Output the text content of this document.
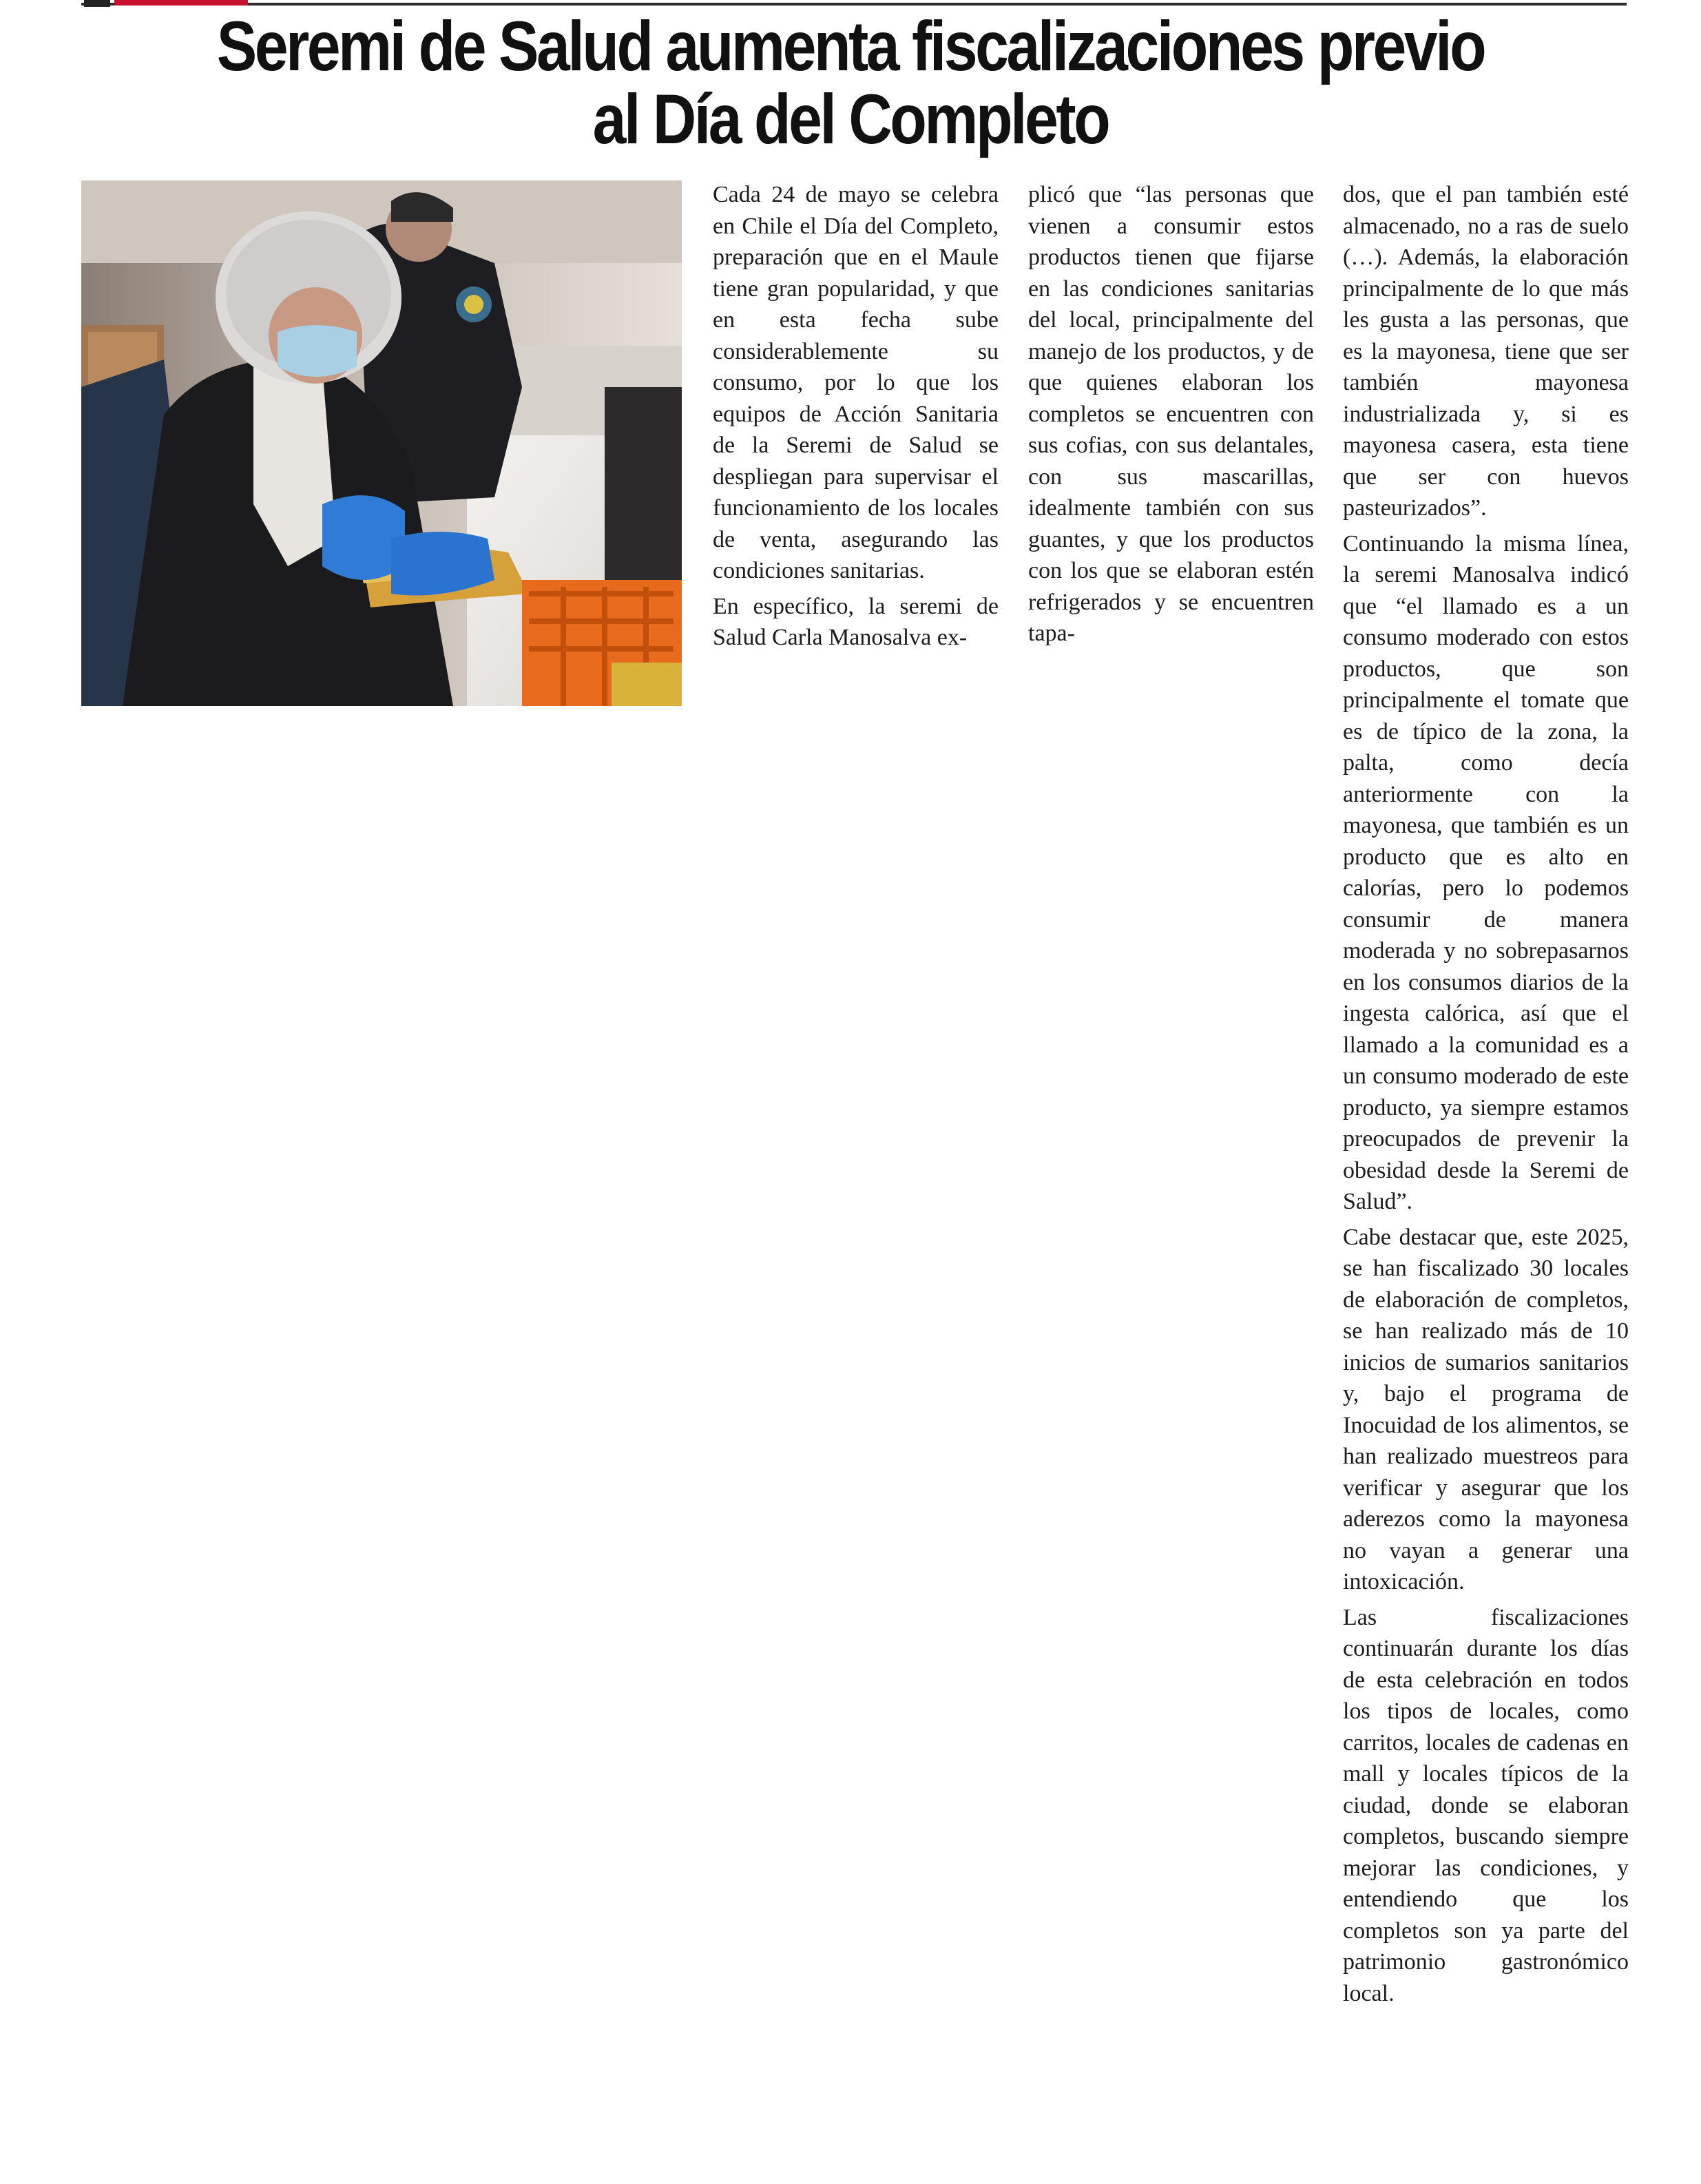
Seremi de Salud aumenta fiscalizaciones previo
al Día del Completo

Cada 24 de mayo se celebra en Chile el Día del Completo, preparación que en el Maule tiene gran popularidad, y que en esta fecha sube considerablemente su consumo, por lo que los equipos de Acción Sanitaria de la Seremi de Salud se despliegan para supervisar el funcionamiento de los locales de venta, asegurando las condiciones sanitarias.

En específico, la seremi de Salud Carla Manosalva ex-

plicó que “las personas que vienen a consumir estos productos tienen que fijarse en las condiciones sanitarias del local, principalmente del manejo de los productos, y de que quienes elaboran los completos se encuentren con sus cofias, con sus delantales, con sus mascarillas, idealmente también con sus guantes, y que los productos con los que se elaboran estén refrigerados y se encuentren tapa-

dos, que el pan también esté almacenado, no a ras de suelo (…). Además, la elaboración principalmente de lo que más les gusta a las personas, que es la mayonesa, tiene que ser también mayonesa industrializada y, si es mayonesa casera, esta tiene que ser con huevos pasteurizados”.

Continuando la misma línea, la seremi Manosalva indicó que “el llamado es a un consumo moderado con estos productos, que son principalmente el tomate que es de típico de la zona, la palta, como decía anteriormente con la mayonesa, que también es un producto que es alto en calorías, pero lo podemos consumir de manera moderada y no sobrepasarnos en los consumos diarios de la ingesta calórica, así que el llamado a la comunidad es a un consumo moderado de este producto, ya siempre estamos preocupados de prevenir la obesidad desde la Seremi de Salud”.

Cabe destacar que, este 2025, se han fiscalizado 30 locales de elaboración de completos, se han realizado más de 10 inicios de sumarios sanitarios y, bajo el programa de Inocuidad de los alimentos, se han realizado muestreos para verificar y asegurar que los aderezos como la mayonesa no vayan a generar una intoxicación.

Las fiscalizaciones continuarán durante los días de esta celebración en todos los tipos de locales, como carritos, locales de cadenas en mall y locales típicos de la ciudad, donde se elaboran completos, buscando siempre mejorar las condiciones, y entendiendo que los completos son ya parte del patrimonio gastronómico local.
